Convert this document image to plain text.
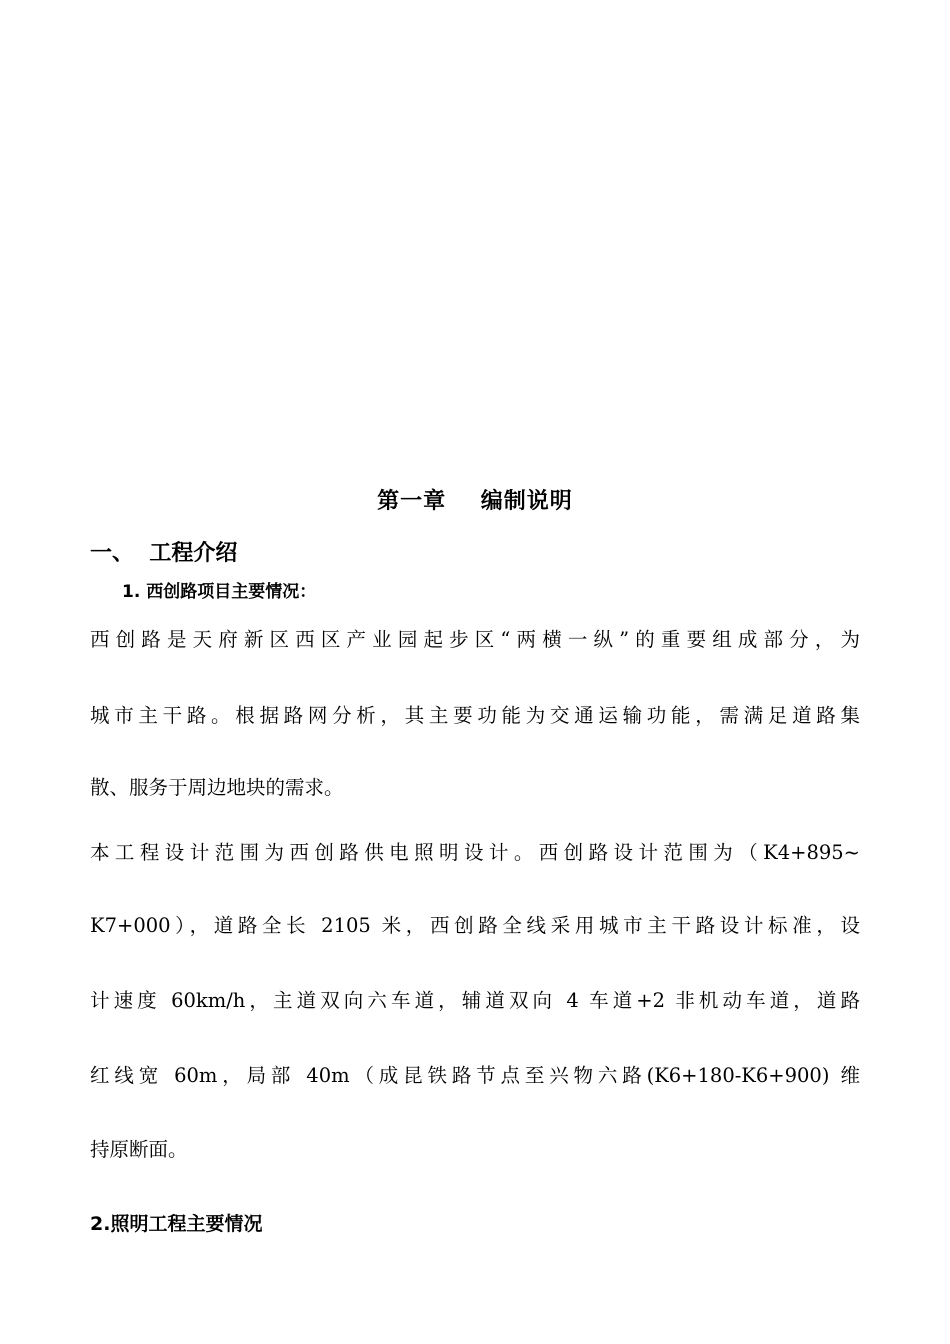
第一章    编制说明
一、  工程介绍
1. 西创路项目主要情况：
西创路是天府新区西区产业园起步区“两横一纵”的重要组成部分，为
城市主干路。根据路网分析，其主要功能为交通运输功能，需满足道路集
散、服务于周边地块的需求。
本工程设计范围为西创路供电照明设计。西创路设计范围为（K4+895~
K7+000），道路全长 2105 米，西创路全线采用城市主干路设计标准，设
计速度 60km/h，主道双向六车道，辅道双向 4 车道+2 非机动车道，道路
红线宽 60m，局部 40m（成昆铁路节点至兴物六路(K6+180-K6+900) 维
持原断面。
2.照明工程主要情况
